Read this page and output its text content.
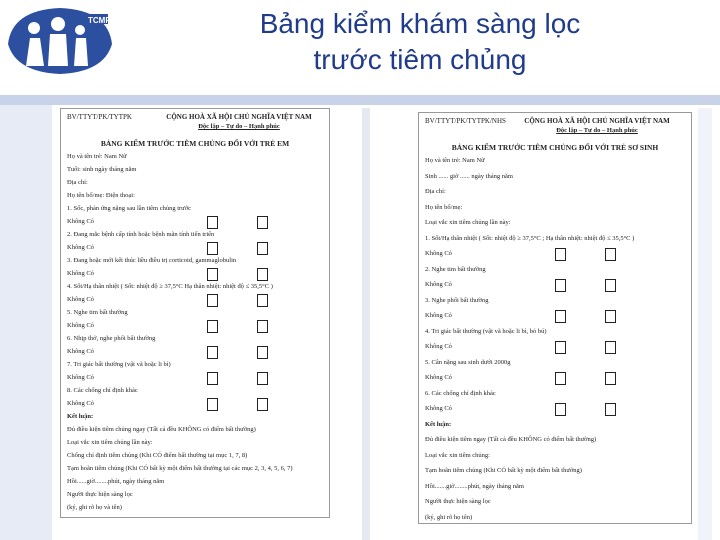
TCMR	Bảng kiểm khám sàng lọc
trước tiêm chủng
BV/TTYT/PK/TYTPK	CỘNG HOÀ XÃ HỘI CHỦ NGHĨA VIỆT NAM
Độc lập – Tự do – Hạnh phúc
BẢNG KIỂM TRƯỚC TIÊM CHỦNG ĐỐI VỚI TRẺ EM
Họ và tên trẻ: Nam Nữ
Tuổi: sinh ngày tháng năm
Địa chỉ:
Họ tên bố/mẹ: Điện thoại:
1. Sốc, phản ứng nặng sau lần tiêm chủng trước
Không Có
2. Đang mắc bệnh cấp tính hoặc bệnh mãn tính tiến triển
Không Có
3. Đang hoặc mới kết thúc liều điều trị corticoid, gammaglobulin
Không Có
4. Sốt/Hạ thân nhiệt ( Sốt: nhiệt độ ≥ 37,5°C Hạ thân nhiệt: nhiệt độ ≤ 35,5°C )
Không Có
5. Nghe tim bất thường
Không Có
6. Nhịp thở, nghe phổi bất thường
Không Có
7. Tri giác bất thường (vật vã hoặc li bì)
Không Có
8. Các chống chỉ định khác
Không Có
Kết luận:
Đủ điều kiện tiêm chủng ngay (Tất cả đều KHÔNG có điểm bất thường)
Loại vắc xin tiêm chủng lần này:
Chống chỉ định tiêm chủng (Khi CÓ điểm bất thường tại mục 1, 7, 8)
Tạm hoãn tiêm chủng (Khi CÓ bất kỳ một điểm bất thường tại các mục 2, 3, 4, 5, 6, 7)
Hồi......giờ........phút, ngày tháng năm
Người thực hiện sàng lọc
(ký, ghi rõ họ và tên)
BV/TTYT/PK/TYTPK/NHS	CỘNG HOÀ XÃ HỘI CHỦ NGHĨA VIỆT NAM
Độc lập – Tự do – Hạnh phúc
BẢNG KIỂM TRƯỚC TIÊM CHỦNG ĐỐI VỚI TRẺ SƠ SINH
Họ và tên trẻ: Nam Nữ
Sinh ...... giờ ...... ngày tháng năm
Địa chỉ:
Họ tên bố/mẹ:
Loại vắc xin tiêm chủng lần này:
1. Sốt/Hạ thân nhiệt ( Sốt: nhiệt độ ≥ 37,5°C ; Hạ thân nhiệt: nhiệt độ ≤ 35,5°C )
Không Có
2. Nghe tim bất thường
Không Có
3. Nghe phổi bất thường
Không Có
4. Tri giác bất thường (vật vã hoặc li bì, bỏ bú)
Không Có
5. Cân nặng sau sinh dưới 2000g
Không Có
6. Các chống chỉ định khác
Không Có
Kết luận:
Đủ điều kiện tiêm ngay (Tất cả đều KHÔNG có điểm bất thường)
Loại vắc xin tiêm chủng:
Tạm hoãn tiêm chủng (Khi CÓ bất kỳ một điểm bất thường)
Hồi.......giờ........phút, ngày tháng năm
Người thực hiện sàng lọc
(ký, ghi rõ họ tên)
